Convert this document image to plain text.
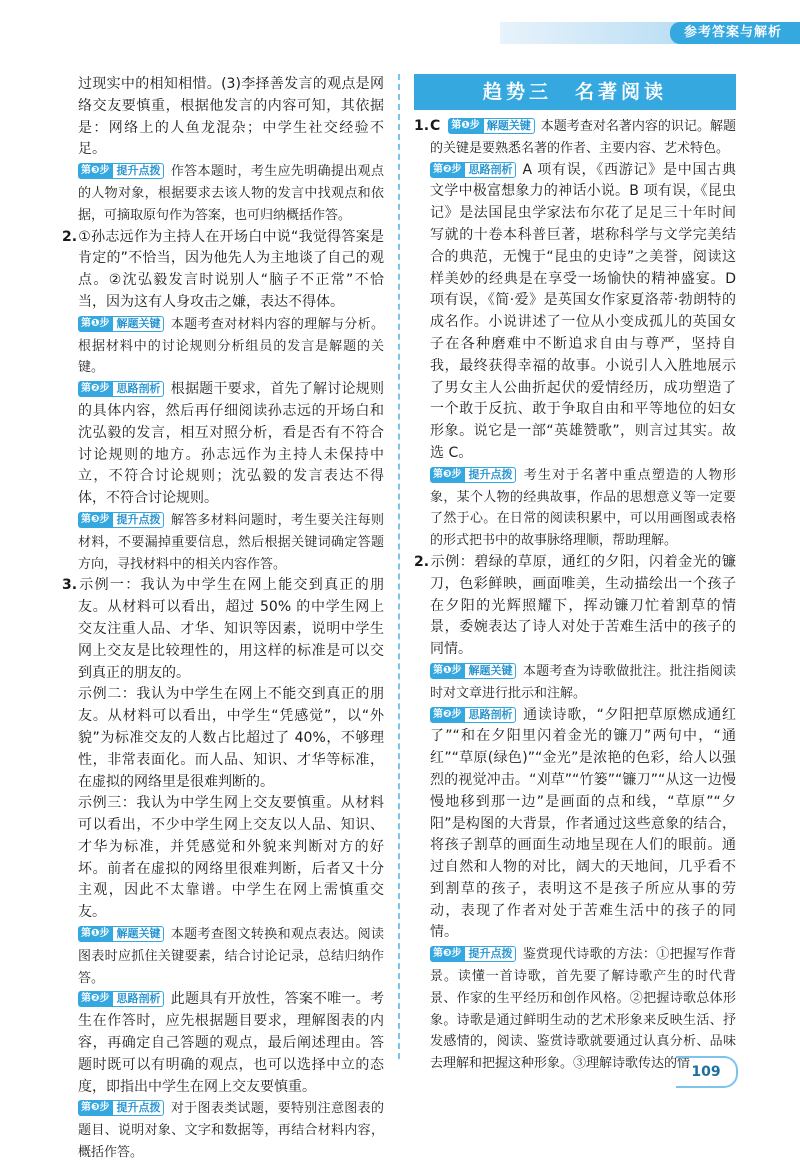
参考答案与解析

过现实中的相知相惜。(3)李择善发言的观点是网络交友要慎重，根据他发言的内容可知，其依据是：网络上的人鱼龙混杂；中学生社交经验不足。

第❸步 提升点拨 作答本题时，考生应先明确提出观点的人物对象，根据要求去该人物的发言中找观点和依据，可摘取原句作为答案，也可归纳概括作答。

2.①孙志远作为主持人在开场白中说“我觉得答案是肯定的”不恰当，因为他先人为主地谈了自己的观点。②沈弘毅发言时说别人“脑子不正常”不恰当，因为这有人身攻击之嫌，表达不得体。

第❶步 解题关键 本题考查对材料内容的理解与分析。根据材料中的讨论规则分析组员的发言是解题的关键。

第❷步 思路剖析 根据题干要求，首先了解讨论规则的具体内容，然后再仔细阅读孙志远的开场白和沈弘毅的发言，相互对照分析，看是否有不符合讨论规则的地方。孙志远作为主持人未保持中立，不符合讨论规则；沈弘毅的发言表达不得体，不符合讨论规则。

第❸步 提升点拨 解答多材料问题时，考生要关注每则材料，不要漏掉重要信息，然后根据关键词确定答题方向，寻找材料中的相关内容作答。

3.示例一：我认为中学生在网上能交到真正的朋友。从材料可以看出，超过 50% 的中学生网上交友注重人品、才华、知识等因素，说明中学生网上交友是比较理性的，用这样的标准是可以交到真正的朋友的。

示例二：我认为中学生在网上不能交到真正的朋友。从材料可以看出，中学生“凭感觉”，以“外貌”为标准交友的人数占比超过了 40%，不够理性，非常表面化。而人品、知识、才华等标准，在虚拟的网络里是很难判断的。

示例三：我认为中学生网上交友要慎重。从材料可以看出，不少中学生网上交友以人品、知识、才华为标准，并凭感觉和外貌来判断对方的好坏。前者在虚拟的网络里很难判断，后者又十分主观，因此不太靠谱。中学生在网上需慎重交友。

第❶步 解题关键 本题考查图文转换和观点表达。阅读图表时应抓住关键要素，结合讨论记录，总结归纳作答。

第❷步 思路剖析 此题具有开放性，答案不唯一。考生在作答时，应先根据题目要求，理解图表的内容，再确定自己答题的观点，最后阐述理由。答题时既可以有明确的观点，也可以选择中立的态度，即指出中学生在网上交友要慎重。

第❸步 提升点拨 对于图表类试题，要特别注意图表的题目、说明对象、文字和数据等，再结合材料内容，概括作答。

趋势三　名著阅读

1.C 第❶步 解题关键 本题考查对名著内容的识记。解题的关键是要熟悉名著的作者、主要内容、艺术特色。

第❷步 思路剖析 A 项有误，《西游记》是中国古典文学中极富想象力的神话小说。B 项有误，《昆虫记》是法国昆虫学家法布尔花了足足三十年时间写就的十卷本科普巨著，堪称科学与文学完美结合的典范，无愧于“昆虫的史诗”之美誉，阅读这样美妙的经典是在享受一场愉快的精神盛宴。D 项有误，《简·爱》是英国女作家夏洛蒂·勃朗特的成名作。小说讲述了一位从小变成孤儿的英国女子在各种磨难中不断追求自由与尊严，坚持自我，最终获得幸福的故事。小说引人入胜地展示了男女主人公曲折起伏的爱情经历，成功塑造了一个敢于反抗、敢于争取自由和平等地位的妇女形象。说它是一部“英雄赞歌”，则言过其实。故选 C。

第❸步 提升点拨 考生对于名著中重点塑造的人物形象，某个人物的经典故事，作品的思想意义等一定要了然于心。在日常的阅读积累中，可以用画图或表格的形式把书中的故事脉络理顺，帮助理解。

2.示例：碧绿的草原，通红的夕阳，闪着金光的镰刀，色彩鲜映，画面唯美，生动描绘出一个孩子在夕阳的光辉照耀下，挥动镰刀忙着割草的情景，委婉表达了诗人对处于苦难生活中的孩子的同情。

第❶步 解题关键 本题考查为诗歌做批注。批注指阅读时对文章进行批示和注解。

第❷步 思路剖析 通读诗歌，“夕阳把草原燃成通红了”“和在夕阳里闪着金光的镰刀”两句中，“通红”“草原(绿色)”“金光”是浓艳的色彩，给人以强烈的视觉冲击。“刈草”“竹篓”“镰刀”“从这一边慢慢地移到那一边”是画面的点和线，“草原”“夕阳”是构图的大背景，作者通过这些意象的结合，将孩子割草的画面生动地呈现在人们的眼前。通过自然和人物的对比，阔大的天地间，几乎看不到割草的孩子，表明这不是孩子所应从事的劳动，表现了作者对处于苦难生活中的孩子的同情。

第❸步 提升点拨 鉴赏现代诗歌的方法：①把握写作背景。读懂一首诗歌，首先要了解诗歌产生的时代背景、作家的生平经历和创作风格。②把握诗歌总体形象。诗歌是通过鲜明生动的艺术形象来反映生活、抒发感情的，阅读、鉴赏诗歌就要通过认真分析、品味去理解和把握这种形象。③理解诗歌传达的情

109
